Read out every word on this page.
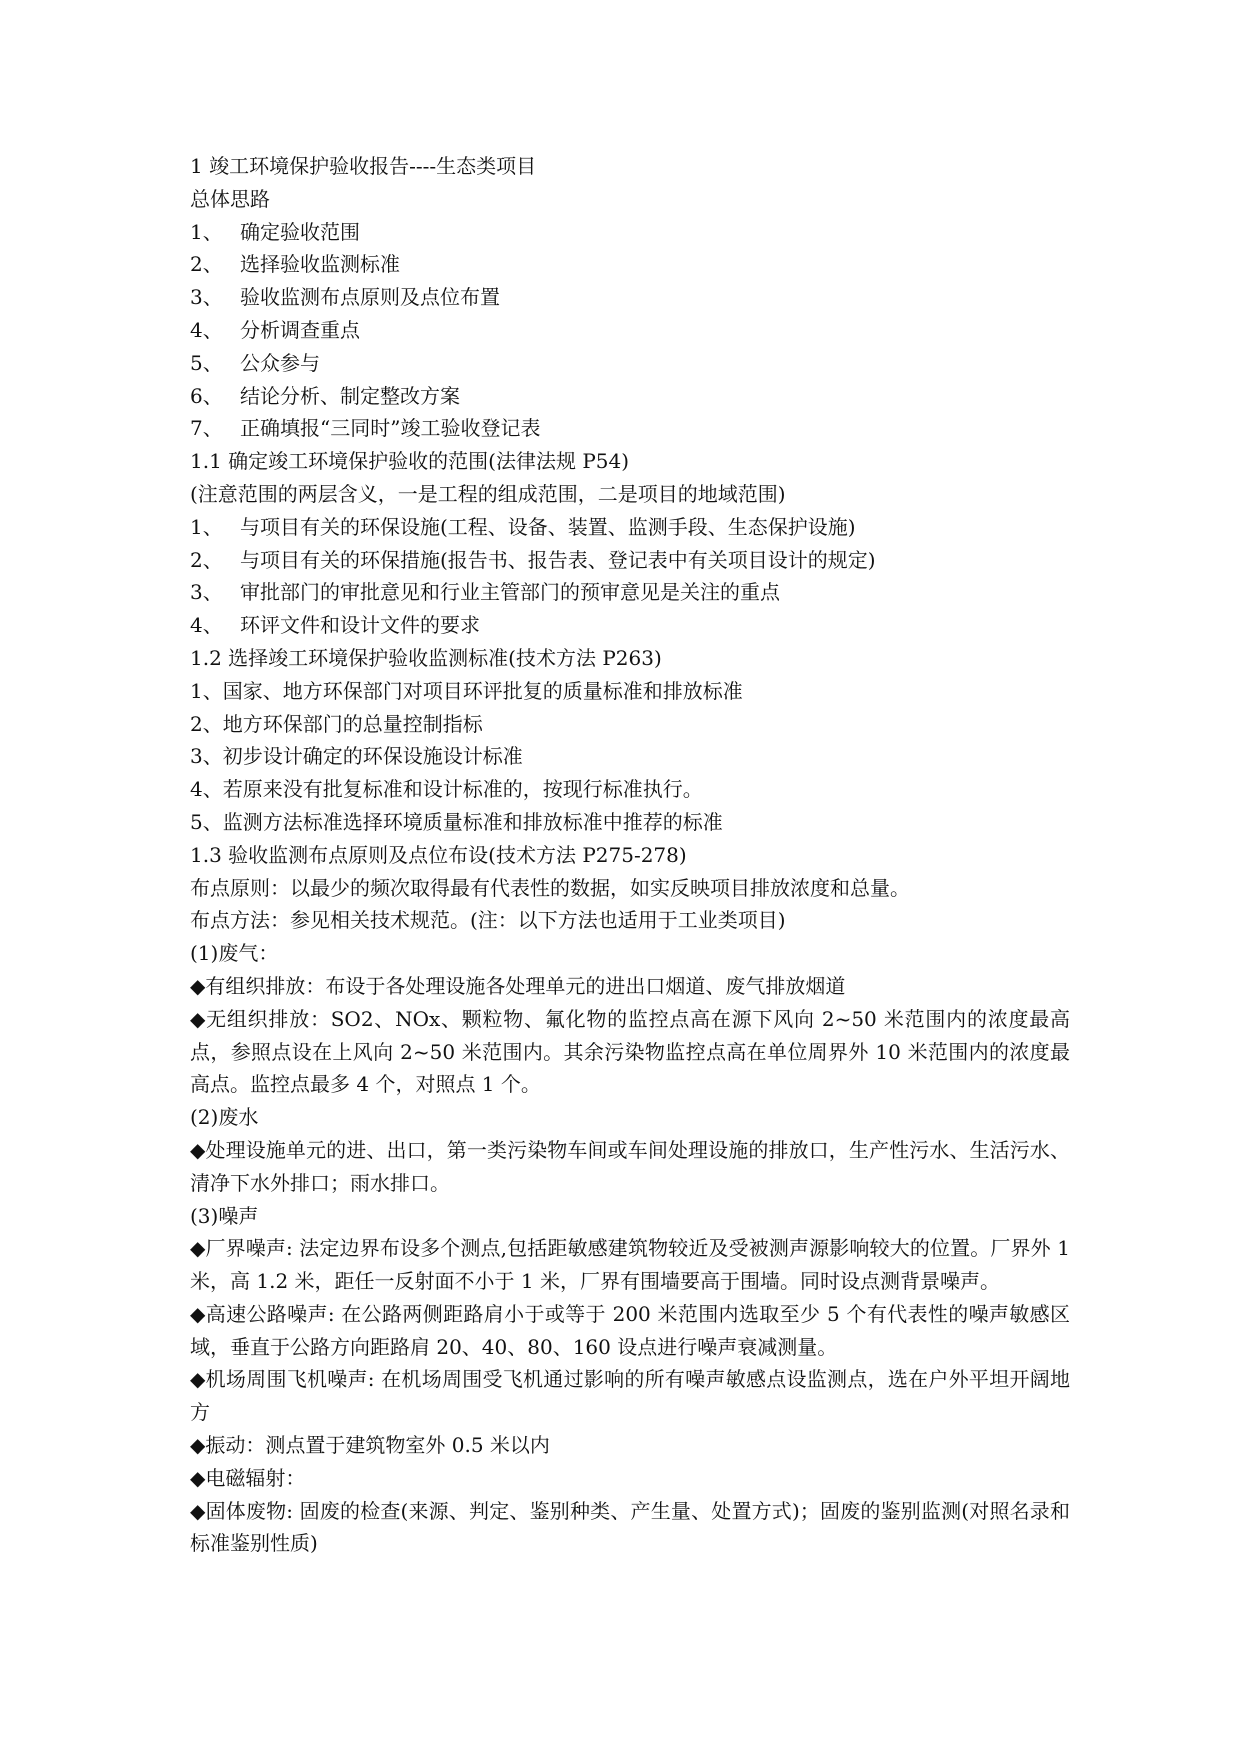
1 竣工环境保护验收报告----生态类项目

总体思路

1、 确定验收范围

2、 选择验收监测标准

3、 验收监测布点原则及点位布置

4、 分析调查重点

5、 公众参与

6、 结论分析、制定整改方案

7、 正确填报“三同时”竣工验收登记表

1.1 确定竣工环境保护验收的范围(法律法规 P54)

(注意范围的两层含义，一是工程的组成范围，二是项目的地域范围)

1、 与项目有关的环保设施(工程、设备、装置、监测手段、生态保护设施)

2、 与项目有关的环保措施(报告书、报告表、登记表中有关项目设计的规定)

3、 审批部门的审批意见和行业主管部门的预审意见是关注的重点

4、 环评文件和设计文件的要求

1.2 选择竣工环境保护验收监测标准(技术方法 P263)

1、国家、地方环保部门对项目环评批复的质量标准和排放标准

2、地方环保部门的总量控制指标

3、初步设计确定的环保设施设计标准

4、若原来没有批复标准和设计标准的，按现行标准执行。

5、监测方法标准选择环境质量标准和排放标准中推荐的标准

1.3 验收监测布点原则及点位布设(技术方法 P275-278)

布点原则：以最少的频次取得最有代表性的数据，如实反映项目排放浓度和总量。

布点方法：参见相关技术规范。(注：以下方法也适用于工业类项目)

(1)废气：

◆有组织排放：布设于各处理设施各处理单元的进出口烟道、废气排放烟道

◆无组织排放：SO2、NOx、颗粒物、氟化物的监控点高在源下风向 2~50 米范围内的浓度最高点，参照点设在上风向 2~50 米范围内。其余污染物监控点高在单位周界外 10 米范围内的浓度最高点。监控点最多 4 个，对照点 1 个。

(2)废水

◆处理设施单元的进、出口，第一类污染物车间或车间处理设施的排放口，生产性污水、生活污水、清净下水外排口；雨水排口。

(3)噪声

◆厂界噪声: 法定边界布设多个测点,包括距敏感建筑物较近及受被测声源影响较大的位置。厂界外 1 米，高 1.2 米，距任一反射面不小于 1 米，厂界有围墙要高于围墙。同时设点测背景噪声。

◆高速公路噪声: 在公路两侧距路肩小于或等于 200 米范围内选取至少 5 个有代表性的噪声敏感区域，垂直于公路方向距路肩 20、40、80、160 设点进行噪声衰减测量。

◆机场周围飞机噪声: 在机场周围受飞机通过影响的所有噪声敏感点设监测点，选在户外平坦开阔地方

◆振动：测点置于建筑物室外 0.5 米以内

◆电磁辐射：

◆固体废物: 固废的检查(来源、判定、鉴别种类、产生量、处置方式)；固废的鉴别监测(对照名录和标准鉴别性质)
